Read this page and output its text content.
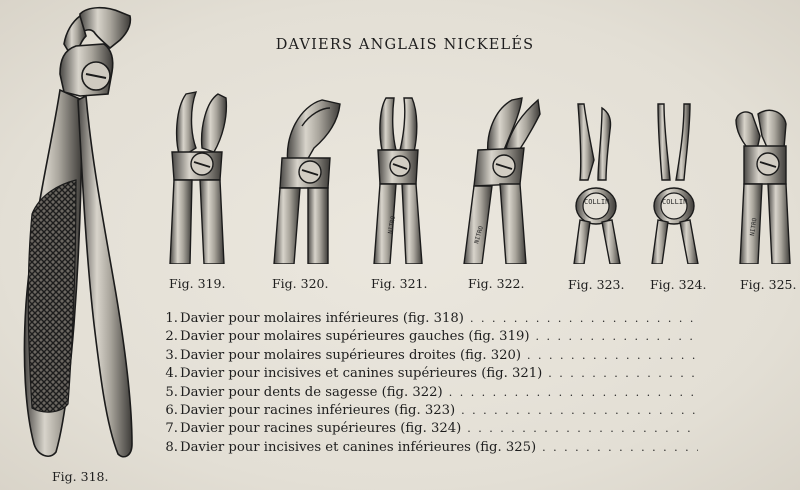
DAVIERS ANGLAIS NICKELÉS
Fig. 318.
Fig. 319.	Fig. 320.
NITRO
Fig. 321.
NITRO
Fig. 322.
COLLIN
Fig. 323.
COLLIN
Fig. 324.
NITRO
Fig. 325.
1. Davier pour molaires inférieures (fig. 318)
. . .
2. Davier pour molaires supérieures gauches (fig. 319)
. . .
3. Davier pour molaires supérieures droites (fig. 320)
. . .
4. Davier pour incisives et canines supérieures (fig. 321)
. . .
5. Davier pour dents de sagesse (fig. 322)
. . .
6. Davier pour racines inférieures (fig. 323)
. . .
7. Davier pour racines supérieures (fig. 324)
. . .
8. Davier pour incisives et canines inférieures (fig. 325)
. . .
